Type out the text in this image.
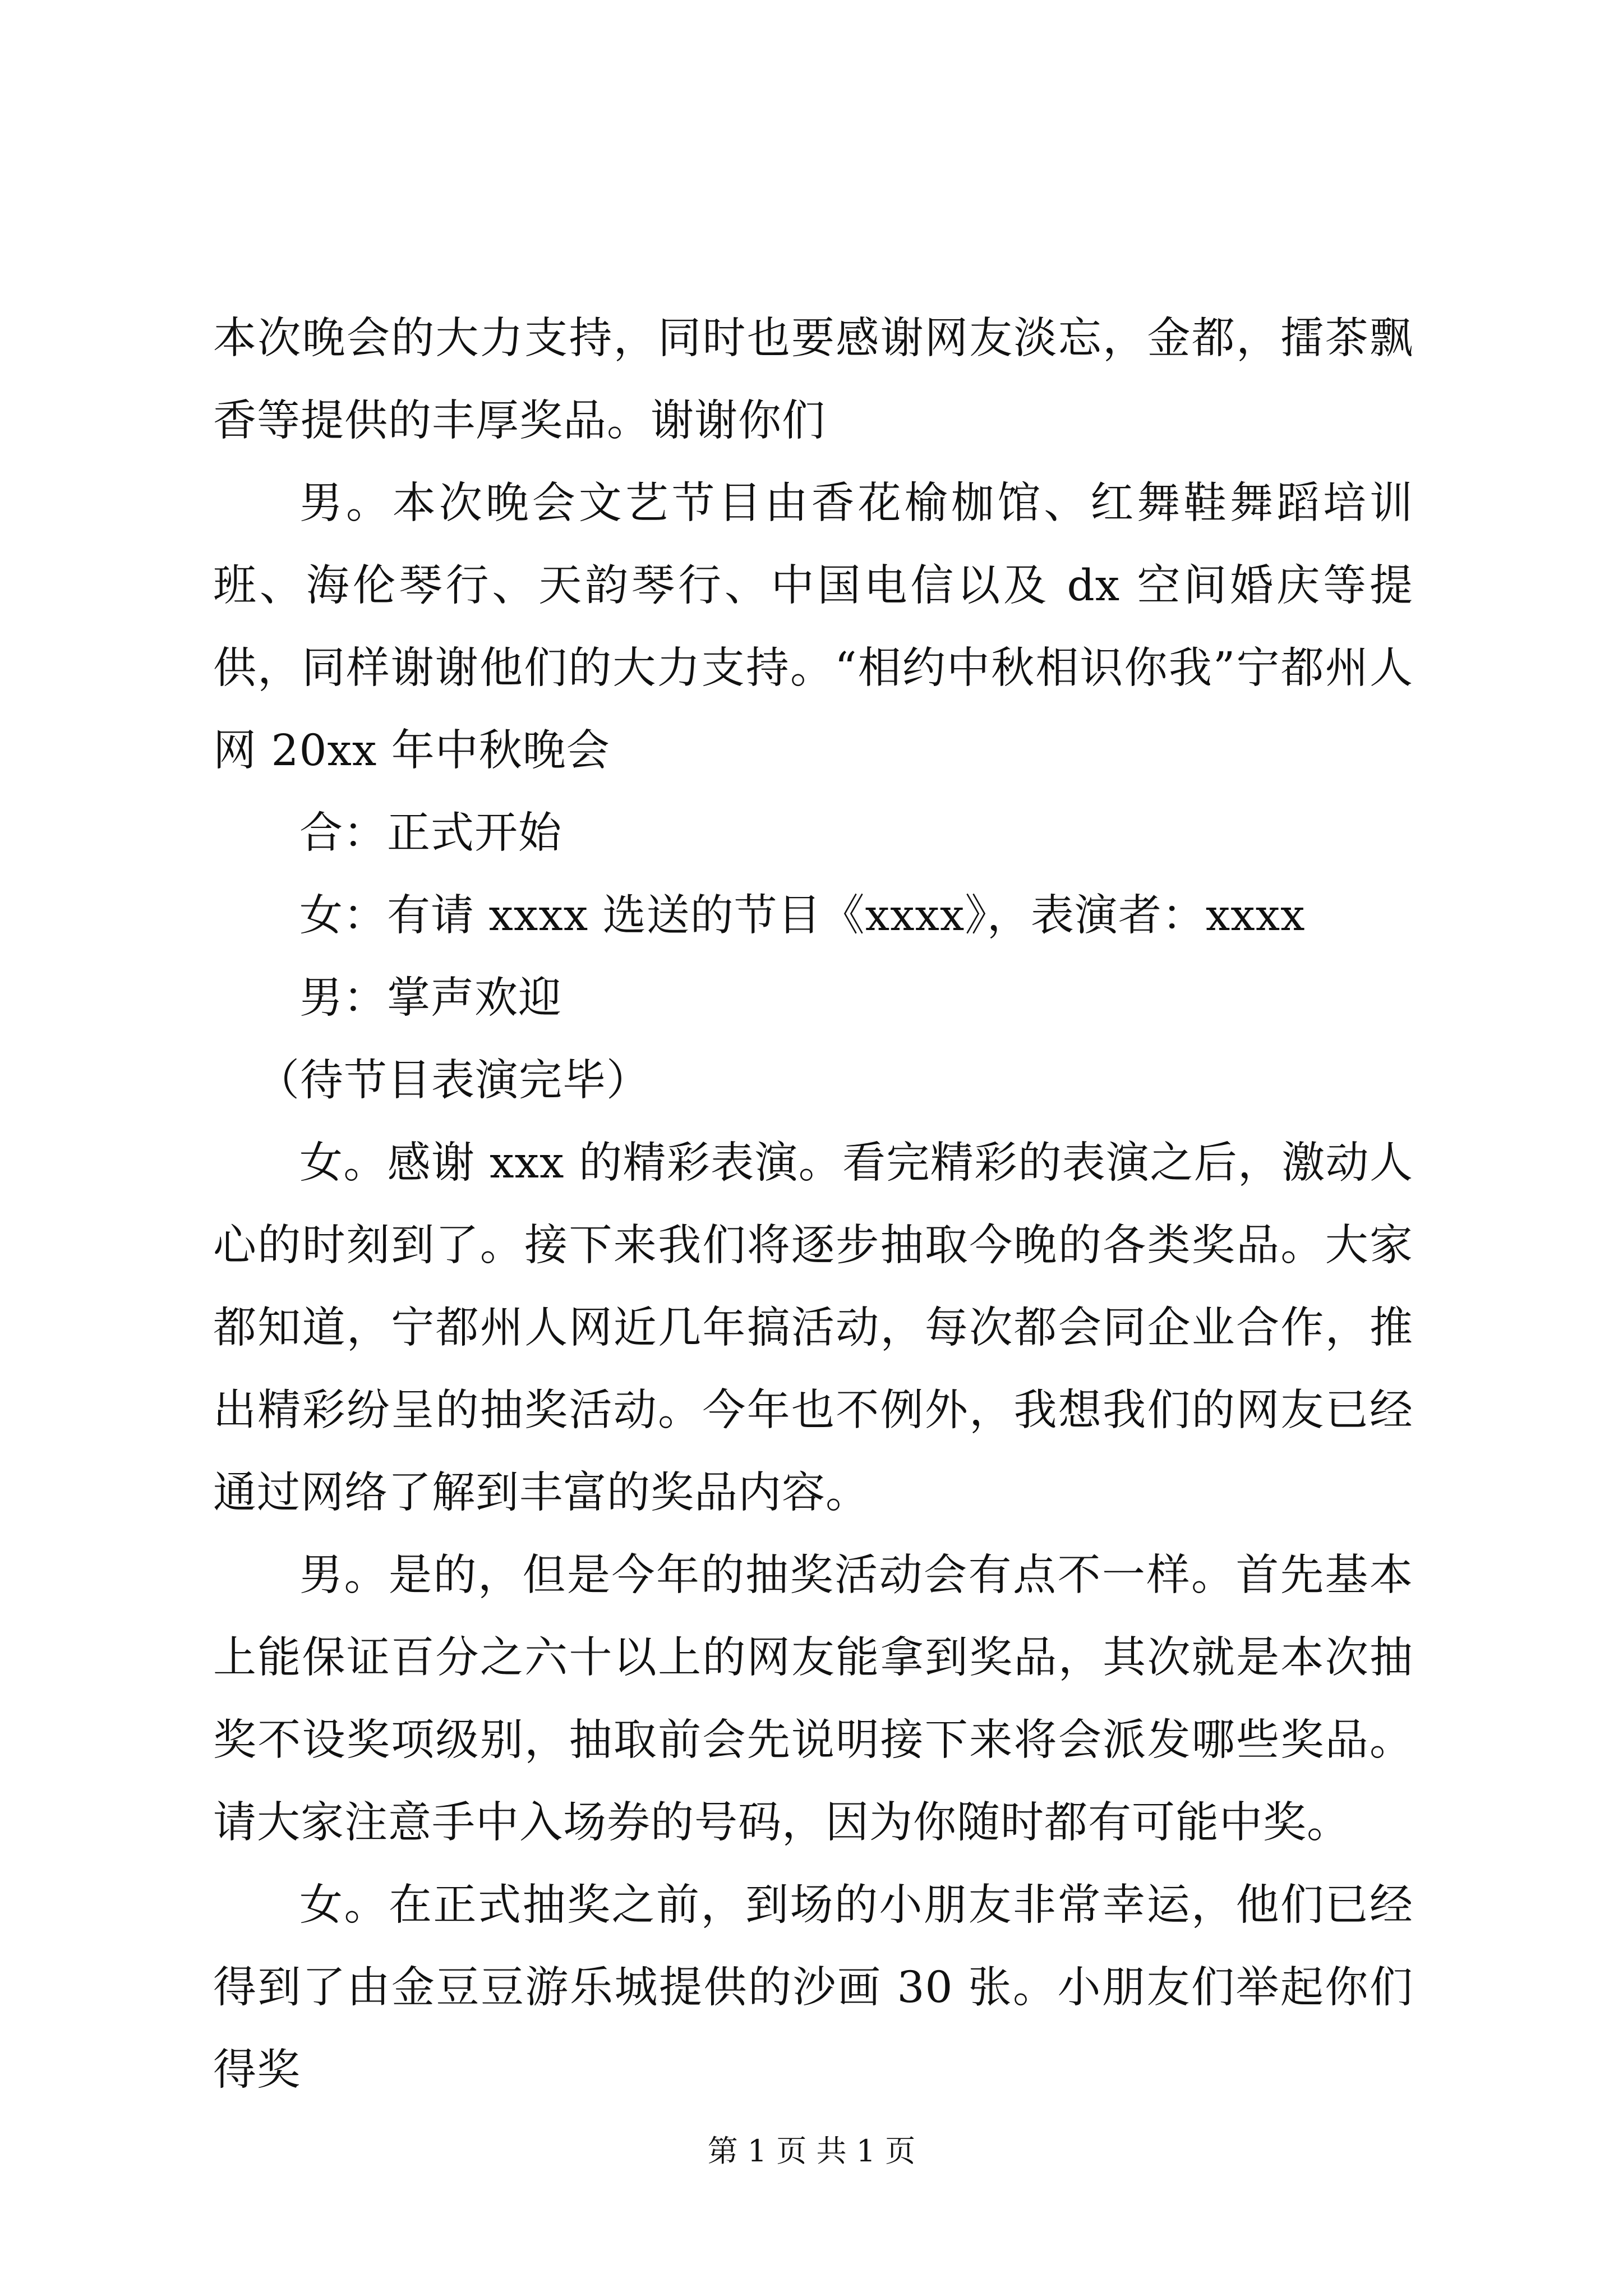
本次晚会的大力支持，同时也要感谢网友淡忘，金都，擂茶飘香等提供的丰厚奖品。谢谢你们

男。本次晚会文艺节目由香花榆枷馆、红舞鞋舞蹈培训班、海伦琴行、天韵琴行、中国电信以及 dx 空间婚庆等提供，同样谢谢他们的大力支持。“相约中秋相识你我”宁都州人网 20xx 年中秋晚会

合：正式开始

女：有请 xxxx 选送的节目《xxxx》，表演者：xxxx

男：掌声欢迎

（待节目表演完毕）

女。感谢 xxx 的精彩表演。看完精彩的表演之后，激动人心的时刻到了。接下来我们将逐步抽取今晚的各类奖品。大家都知道，宁都州人网近几年搞活动，每次都会同企业合作，推出精彩纷呈的抽奖活动。今年也不例外，我想我们的网友已经通过网络了解到丰富的奖品内容。

男。是的，但是今年的抽奖活动会有点不一样。首先基本上能保证百分之六十以上的网友能拿到奖品，其次就是本次抽奖不设奖项级别，抽取前会先说明接下来将会派发哪些奖品。请大家注意手中入场券的号码，因为你随时都有可能中奖。

女。在正式抽奖之前，到场的小朋友非常幸运，他们已经得到了由金豆豆游乐城提供的沙画 30 张。小朋友们举起你们得奖

第 1 页 共 1 页
